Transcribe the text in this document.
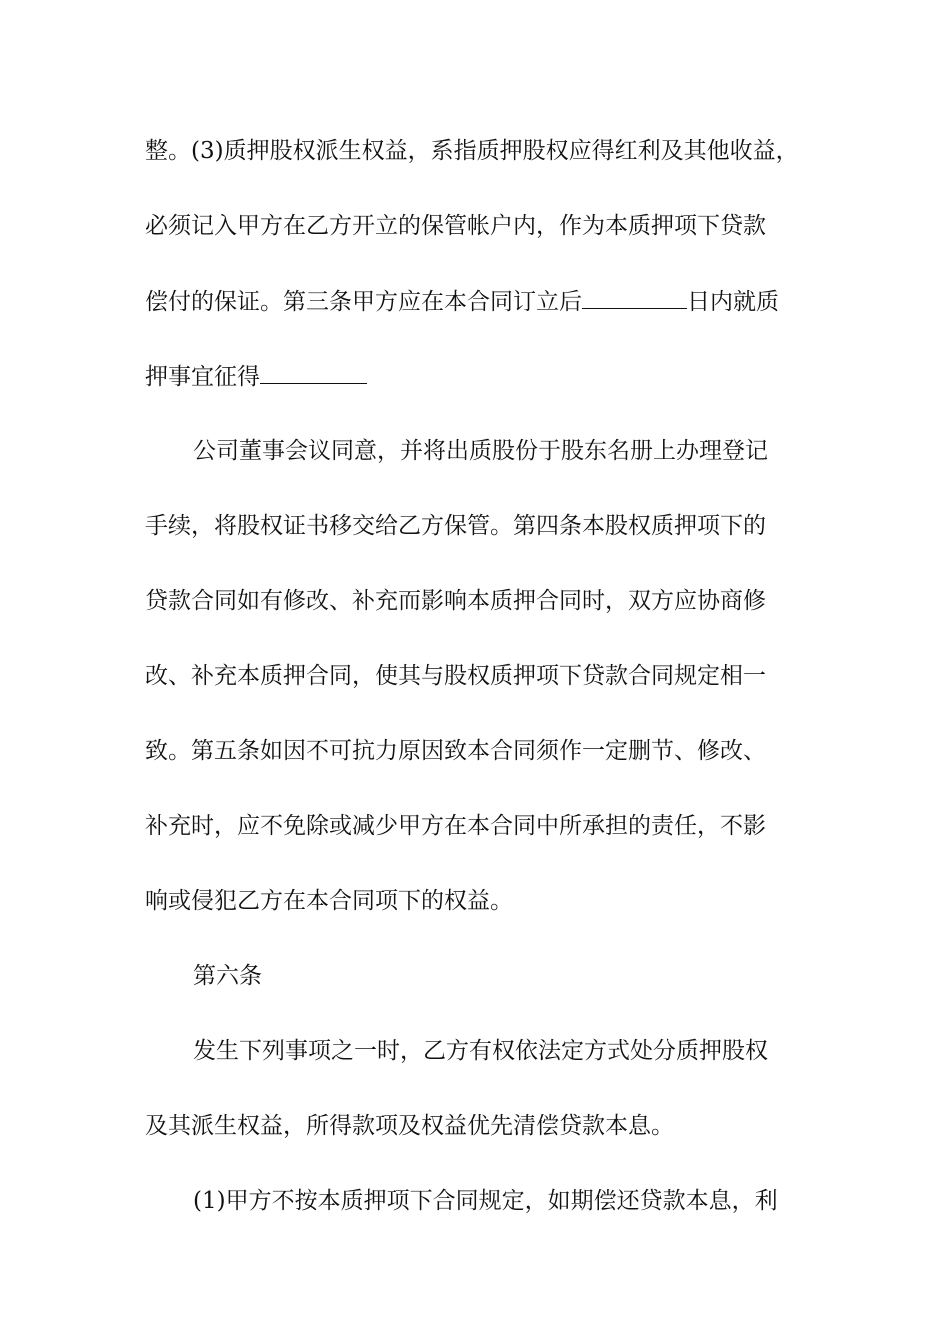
整。(3)质押股权派生权益，系指质押股权应得红利及其他收益，
必须记入甲方在乙方开立的保管帐户内，作为本质押项下贷款
偿付的保证。第三条甲方应在本合同订立后	日内就质
押事宜征得
公司董事会议同意，并将出质股份于股东名册上办理登记
手续，将股权证书移交给乙方保管。第四条本股权质押项下的
贷款合同如有修改、补充而影响本质押合同时，双方应协商修
改、补充本质押合同，使其与股权质押项下贷款合同规定相一
致。第五条如因不可抗力原因致本合同须作一定删节、修改、
补充时，应不免除或减少甲方在本合同中所承担的责任，不影
响或侵犯乙方在本合同项下的权益。
第六条
发生下列事项之一时，乙方有权依法定方式处分质押股权
及其派生权益，所得款项及权益优先清偿贷款本息。
(1)甲方不按本质押项下合同规定，如期偿还贷款本息，利
